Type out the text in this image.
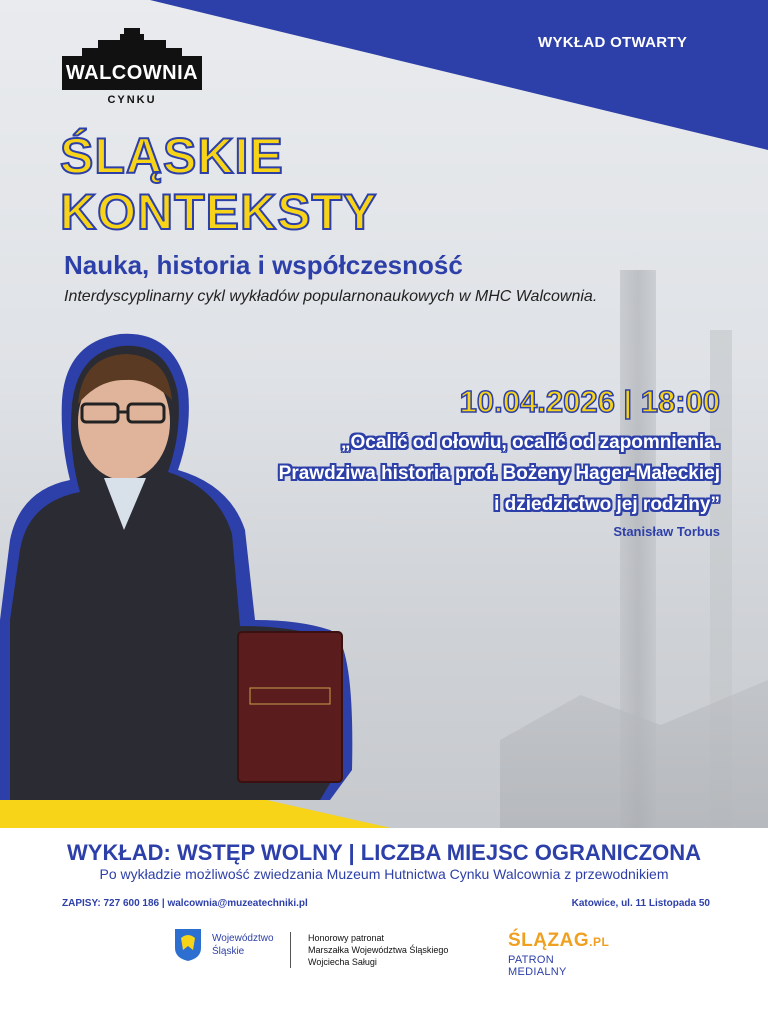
WYKŁAD OTWARTY
WALCOWNIA
CYNKU
ŚLĄSKIE
KONTEKSTY
Nauka, historia i współczesność
Interdyscyplinarny cykl wykładów popularnonaukowych w MHC Walcownia.
10.04.2026 | 18:00
„Ocalić od ołowiu, ocalić od zapomnienia.
Prawdziwa historia prof. Bożeny Hager-Małeckiej
i dziedzictwo jej rodziny”
Stanisław Torbus
WYKŁAD: WSTĘP WOLNY | LICZBA MIEJSC OGRANICZONA
Po wykładzie możliwość zwiedzania Muzeum Hutnictwa Cynku Walcownia z przewodnikiem
ZAPISY: 727 600 186 | walcownia@muzeatechniki.pl	Katowice, ul. 11 Listopada 50
Województwo
Śląskie
Honorowy patronat
Marszałka Województwa Śląskiego
Wojciecha Saługi
ŚLĄZAG.PL
PATRON MEDIALNY
